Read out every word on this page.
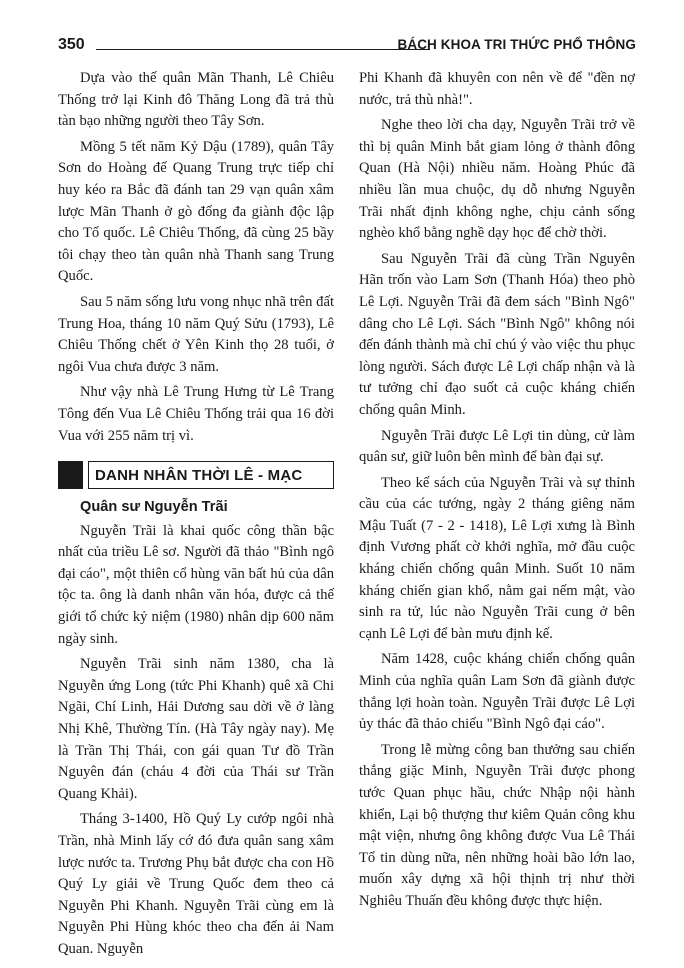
350	BÁCH KHOA TRI THỨC PHỔ THÔNG

Dựa vào thế quân Mãn Thanh, Lê Chiêu Thống trở lại Kinh đô Thăng Long đã trả thù tàn bạo những người theo Tây Sơn.

Mồng 5 tết năm Kỷ Dậu (1789), quân Tây Sơn do Hoàng đế Quang Trung trực tiếp chỉ huy kéo ra Bắc đã đánh tan 29 vạn quân xâm lược Mãn Thanh ở gò đống đa giành độc lập cho Tổ quốc. Lê Chiêu Thống, đã cùng 25 bầy tôi chạy theo tàn quân nhà Thanh sang Trung Quốc.

Sau 5 năm sống lưu vong nhục nhã trên đất Trung Hoa, tháng 10 năm Quý Sửu (1793), Lê Chiêu Thống chết ở Yên Kinh thọ 28 tuổi, ở ngôi Vua chưa được 3 năm.

Như vậy nhà Lê Trung Hưng từ Lê Trang Tông đến Vua Lê Chiêu Thống trải qua 16 đời Vua với 255 năm trị vì.

DANH NHÂN THỜI LÊ - MẠC
Quân sư Nguyễn Trãi

Nguyễn Trãi là khai quốc công thần bậc nhất của triều Lê sơ. Người đã thảo "Bình ngô đại cáo", một thiên cổ hùng văn bất hủ của dân tộc ta. ông là danh nhân văn hóa, được cả thế giới tổ chức kỷ niệm (1980) nhân dịp 600 năm ngày sinh.

Nguyễn Trãi sinh năm 1380, cha là Nguyễn ứng Long (tức Phi Khanh) quê xã Chi Ngãi, Chí Linh, Hải Dương sau dời về ở làng Nhị Khê, Thường Tín. (Hà Tây ngày nay). Mẹ là Trần Thị Thái, con gái quan Tư đồ Trần Nguyên đán (cháu 4 đời của Thái sư Trần Quang Khải).

Tháng 3-1400, Hồ Quý Ly cướp ngôi nhà Trần, nhà Minh lấy cớ đó đưa quân sang xâm lược nước ta. Trương Phụ bắt được cha con Hồ Quý Ly giải về Trung Quốc đem theo cả Nguyễn Phi Khanh. Nguyễn Trãi cùng em là Nguyễn Phi Hùng khóc theo cha đến ải Nam Quan. Nguyễn

Phi Khanh đã khuyên con nên về để "đền nợ nước, trả thù nhà!".

Nghe theo lời cha dạy, Nguyễn Trãi trở về thì bị quân Minh bắt giam lỏng ở thành đông Quan (Hà Nội) nhiều năm. Hoàng Phúc đã nhiều lần mua chuộc, dụ dỗ nhưng Nguyễn Trãi nhất định không nghe, chịu cảnh sống nghèo khổ bằng nghề dạy học để chờ thời.

Sau Nguyễn Trãi đã cùng Trần Nguyên Hãn trốn vào Lam Sơn (Thanh Hóa) theo phò Lê Lợi. Nguyễn Trãi đã đem sách "Bình Ngô" dâng cho Lê Lợi. Sách "Bình Ngô" không nói đến đánh thành mà chỉ chú ý vào việc thu phục lòng người. Sách được Lê Lợi chấp nhận và là tư tưởng chỉ đạo suốt cả cuộc kháng chiến chống quân Minh.

Nguyễn Trãi được Lê Lợi tin dùng, cử làm quân sư, giữ luôn bên mình để bàn đại sự.

Theo kế sách của Nguyễn Trãi và sự thỉnh cầu của các tướng, ngày 2 tháng giêng năm Mậu Tuất (7 - 2 - 1418), Lê Lợi xưng là Bình định Vương phất cờ khởi nghĩa, mở đầu cuộc kháng chiến chống quân Minh. Suốt 10 năm kháng chiến gian khổ, nằm gai nếm mật, vào sinh ra tử, lúc nào Nguyễn Trãi cung ở bên cạnh Lê Lợi để bàn mưu định kế.

Năm 1428, cuộc kháng chiến chống quân Minh của nghĩa quân Lam Sơn đã giành được thắng lợi hoàn toàn. Nguyễn Trãi được Lê Lợi ủy thác đã thảo chiếu "Bình Ngô đại cáo".

Trong lễ mừng công ban thưởng sau chiến thắng giặc Minh, Nguyễn Trãi được phong tước Quan phục hầu, chức Nhập nội hành khiển, Lại bộ thượng thư kiêm Quản công khu mật viện, nhưng ông không được Vua Lê Thái Tổ tin dùng nữa, nên những hoài bão lớn lao, muốn xây dựng xã hội thịnh trị như thời Nghiêu Thuấn đều không được thực hiện.
